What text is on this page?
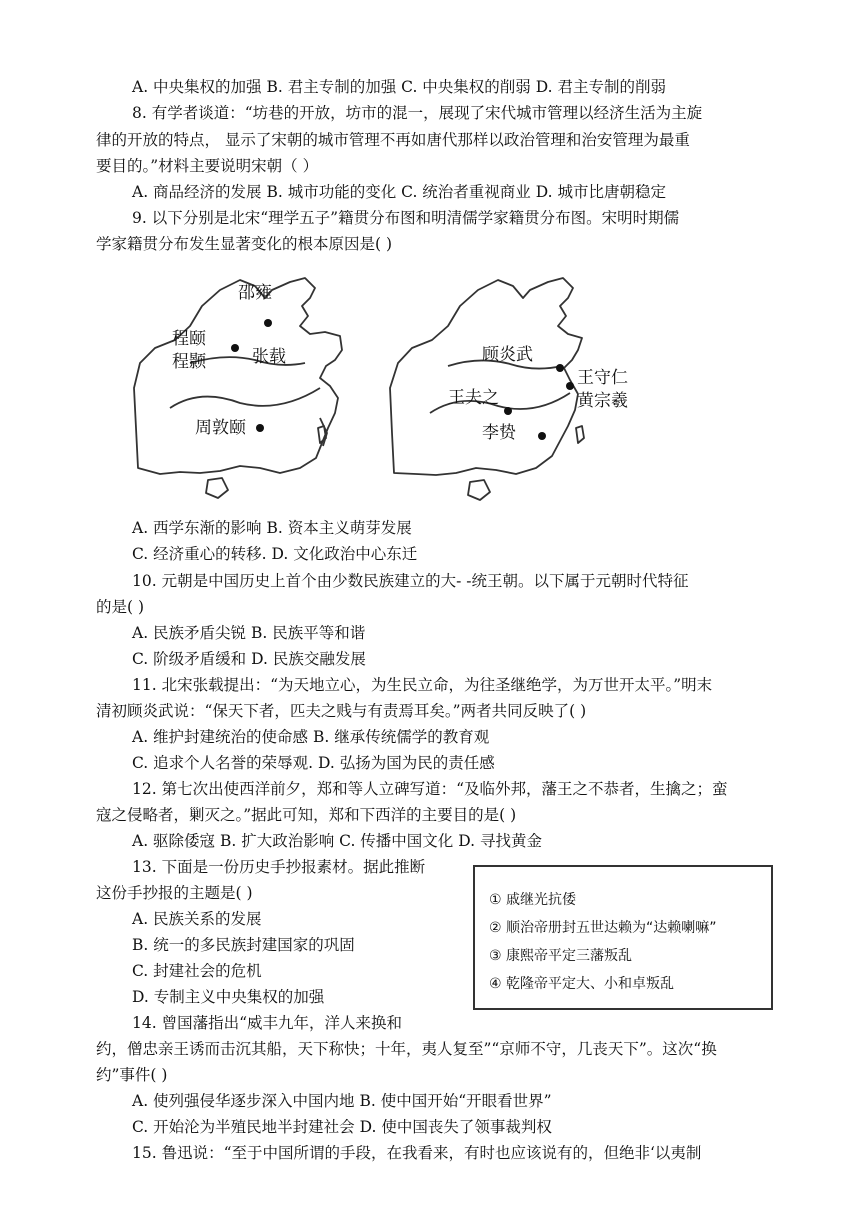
A. 中央集权的加强 B. 君主专制的加强 C. 中央集权的削弱 D. 君主专制的削弱
8. 有学者谈道：“坊巷的开放，坊市的混一，展现了宋代城市管理以经济生活为主旋
律的开放的特点， 显示了宋朝的城市管理不再如唐代那样以政治管理和治安管理为最重
要目的。”材料主要说明宋朝（ ）
A. 商品经济的发展 B. 城市功能的变化 C. 统治者重视商业 D. 城市比唐朝稳定
9. 以下分别是北宋“理学五子”籍贯分布图和明清儒学家籍贯分布图。宋明时期儒
学家籍贯分布发生显著变化的根本原因是( )
邵雍
程颐
程颢	张载
周敦颐
顾炎武
王守仁
黄宗羲
王夫之
李贽
A. 西学东渐的影响 B. 资本主义萌芽发展
C. 经济重心的转移. D. 文化政治中心东迁
10. 元朝是中国历史上首个由少数民族建立的大- -统王朝。以下属于元朝时代特征
的是( )
A. 民族矛盾尖锐 B. 民族平等和谐
C. 阶级矛盾缓和 D. 民族交融发展
11. 北宋张载提出：“为天地立心，为生民立命，为往圣继绝学，为万世开太平。”明末
清初顾炎武说：“保天下者，匹夫之贱与有责焉耳矣。”两者共同反映了( )
A. 维护封建统治的使命感 B. 继承传统儒学的教育观
C. 追求个人名誉的荣辱观. D. 弘扬为国为民的责任感
12. 第七次出使西洋前夕，郑和等人立碑写道：“及临外邦，藩王之不恭者，生擒之；蛮
寇之侵略者，剿灭之。”据此可知，郑和下西洋的主要目的是( )
A. 驱除倭寇 B. 扩大政治影响 C. 传播中国文化 D. 寻找黄金
13. 下面是一份历史手抄报素材。据此推断
这份手抄报的主题是( )
A. 民族关系的发展
B. 统一的多民族封建国家的巩固
C. 封建社会的危机
D. 专制主义中央集权的加强
① 戚继光抗倭
② 顺治帝册封五世达赖为“达赖喇嘛”
③ 康熙帝平定三藩叛乱
④ 乾隆帝平定大、小和卓叛乱
14. 曾国藩指出“威丰九年，洋人来换和
约，僧忠亲王诱而击沉其船，天下称快；十年，夷人复至”“京师不守，几丧天下”。这次“换
约”事件( )
A. 使列强侵华逐步深入中国内地 B. 使中国开始“开眼看世界”
C. 开始沦为半殖民地半封建社会 D. 使中国丧失了领事裁判权
15. 鲁迅说：“至于中国所谓的手段，在我看来，有时也应该说有的，但绝非‘以夷制
